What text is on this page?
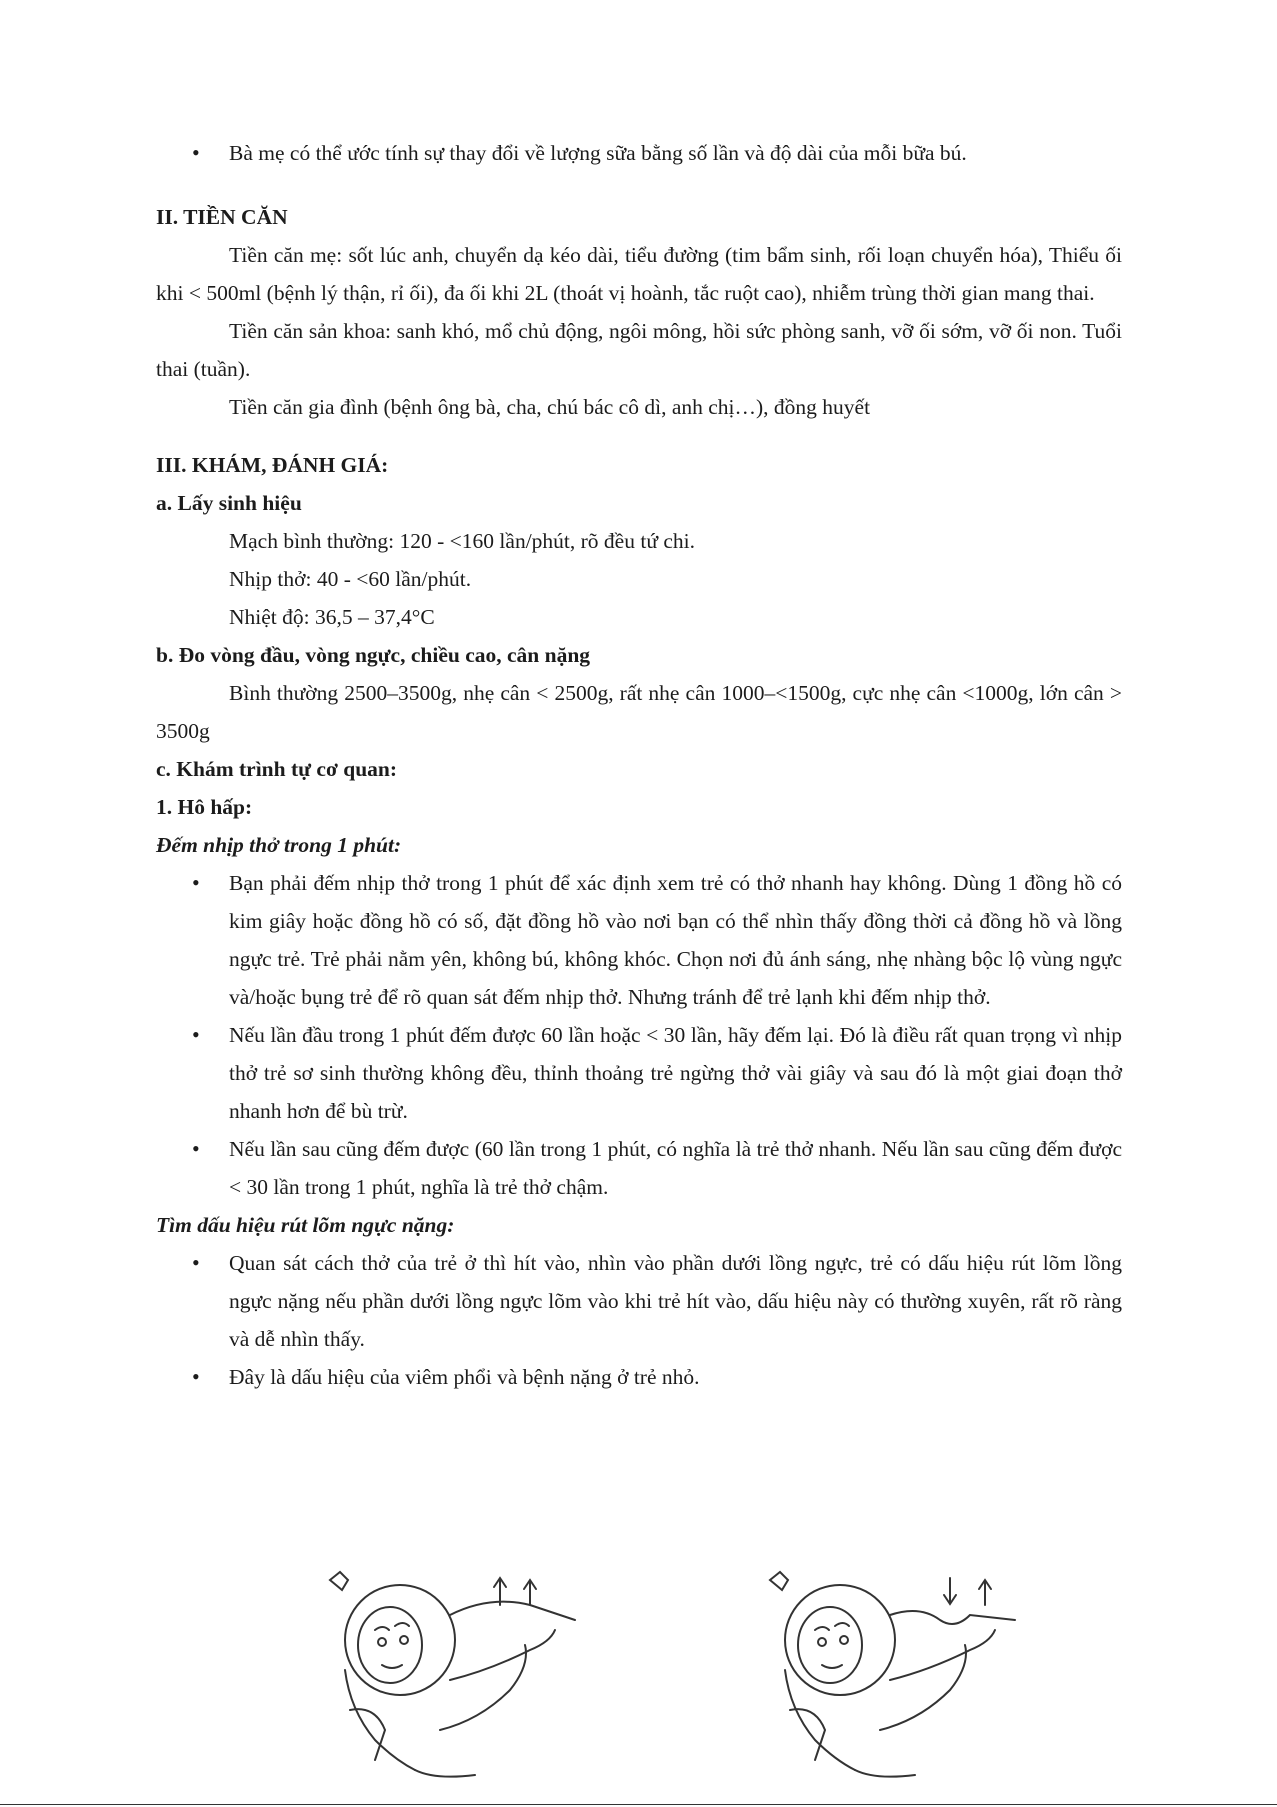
• Bà mẹ có thể ước tính sự thay đổi về lượng sữa bằng số lần và độ dài của mỗi bữa bú.

II. TIỀN CĂN

Tiền căn mẹ: sốt lúc anh, chuyển dạ kéo dài, tiểu đường (tim bẩm sinh, rối loạn chuyển hóa), Thiểu ối khi < 500ml (bệnh lý thận, rỉ ối), đa ối khi 2L (thoát vị hoành, tắc ruột cao), nhiễm trùng thời gian mang thai.

Tiền căn sản khoa: sanh khó, mổ chủ động, ngôi mông, hồi sức phòng sanh, vỡ ối sớm, vỡ ối non. Tuổi thai (tuần).

Tiền căn gia đình (bệnh ông bà, cha, chú bác cô dì, anh chị…), đồng huyết

III. KHÁM, ĐÁNH GIÁ:

a. Lấy sinh hiệu

Mạch bình thường: 120 - <160 lần/phút, rõ đều tứ chi.

Nhịp thở: 40 - <60 lần/phút.

Nhiệt độ: 36,5 – 37,4°C

b. Đo vòng đầu, vòng ngực, chiều cao, cân nặng

Bình thường 2500–3500g, nhẹ cân < 2500g, rất nhẹ cân 1000–<1500g, cực nhẹ cân <1000g, lớn cân > 3500g

c. Khám trình tự cơ quan:

1. Hô hấp:

Đếm nhịp thở trong 1 phút:

• Bạn phải đếm nhịp thở trong 1 phút để xác định xem trẻ có thở nhanh hay không. Dùng 1 đồng hồ có kim giây hoặc đồng hồ có số, đặt đồng hồ vào nơi bạn có thể nhìn thấy đồng thời cả đồng hồ và lồng ngực trẻ. Trẻ phải nằm yên, không bú, không khóc. Chọn nơi đủ ánh sáng, nhẹ nhàng bộc lộ vùng ngực và/hoặc bụng trẻ để rõ quan sát đếm nhịp thở. Nhưng tránh để trẻ lạnh khi đếm nhịp thở.

• Nếu lần đầu trong 1 phút đếm được 60 lần hoặc < 30 lần, hãy đếm lại. Đó là điều rất quan trọng vì nhịp thở trẻ sơ sinh thường không đều, thỉnh thoảng trẻ ngừng thở vài giây và sau đó là một giai đoạn thở nhanh hơn để bù trừ.

• Nếu lần sau cũng đếm được (60 lần trong 1 phút, có nghĩa là trẻ thở nhanh. Nếu lần sau cũng đếm được < 30 lần trong 1 phút, nghĩa là trẻ thở chậm.

Tìm dấu hiệu rút lõm ngực nặng:

• Quan sát cách thở của trẻ ở thì hít vào, nhìn vào phần dưới lồng ngực, trẻ có dấu hiệu rút lõm lồng ngực nặng nếu phần dưới lồng ngực lõm vào khi trẻ hít vào, dấu hiệu này có thường xuyên, rất rõ ràng và dễ nhìn thấy.

• Đây là dấu hiệu của viêm phổi và bệnh nặng ở trẻ nhỏ.
